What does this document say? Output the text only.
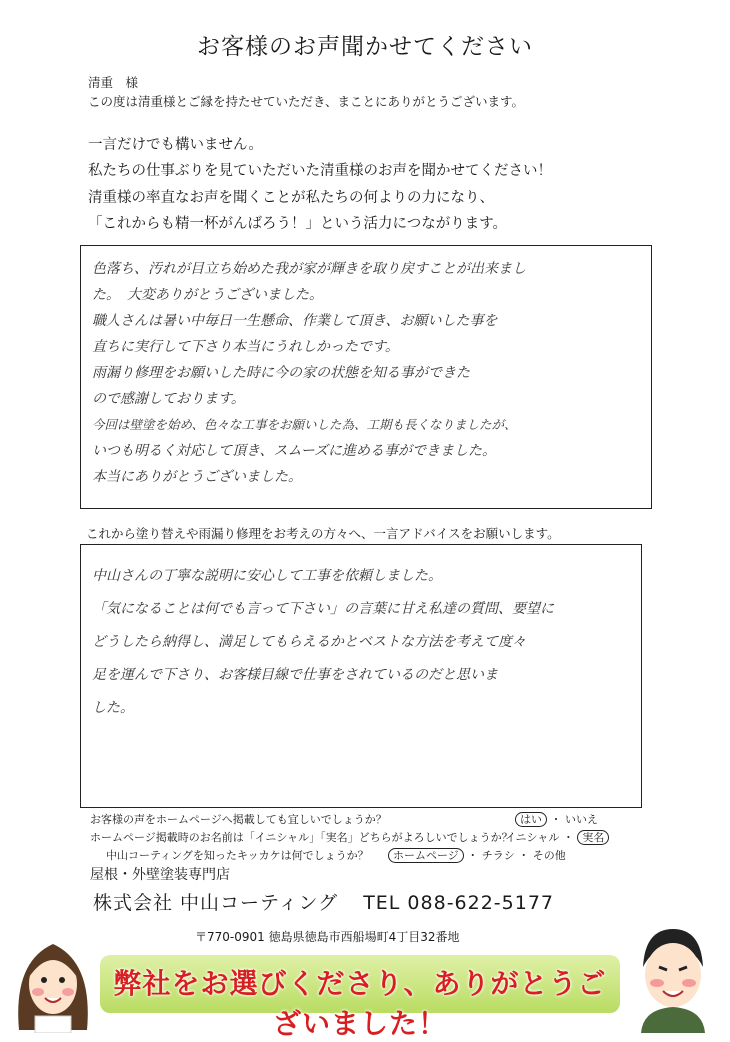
お客様のお声聞かせてください
清重　様
この度は清重様とご縁を持たせていただき、まことにありがとうございます。
一言だけでも構いません。
私たちの仕事ぶりを見ていただいた清重様のお声を聞かせてください！
清重様の率直なお声を聞くことが私たちの何よりの力になり、
「これからも精一杯がんばろう！」という活力につながります。
色落ち、汚れが目立ち始めた我が家が輝きを取り戻すことが出来まし
た。　大変ありがとうございました。
職人さんは暑い中毎日一生懸命、作業して頂き、お願いした事を
直ちに実行して下さり本当にうれしかったです。
雨漏り修理をお願いした時に今の家の状態を知る事ができた
ので感謝しております。
今回は壁塗を始め、色々な工事をお願いした為、工期も長くなりましたが、
いつも明るく対応して頂き、スムーズに進める事ができました。
本当にありがとうございました。
これから塗り替えや雨漏り修理をお考えの方々へ、一言アドバイスをお願いします。
中山さんの丁寧な説明に安心して工事を依頼しました。
「気になることは何でも言って下さい」の言葉に甘え私達の質問、要望に
どうしたら納得し、満足してもらえるかとベストな方法を考えて度々
足を運んで下さり、お客様目線で仕事をされているのだと思いま
した。
お客様の声をホームページへ掲載しても宜しいでしょうか？	はい ・ いいえ
ホームページ掲載時のお名前は「イニシャル」「実名」どちらがよろしいでしょうか？
イニシャル ・ 実名
中山コーティングを知ったキッカケは何でしょうか？	ホームページ ・ チラシ ・ その他
屋根・外壁塗装専門店
株式会社 中山コーティング TEL 088-622-5177
〒770-0901 徳島県徳島市西船場町4丁目32番地
弊社をお選びくださり、ありがとうございました！
